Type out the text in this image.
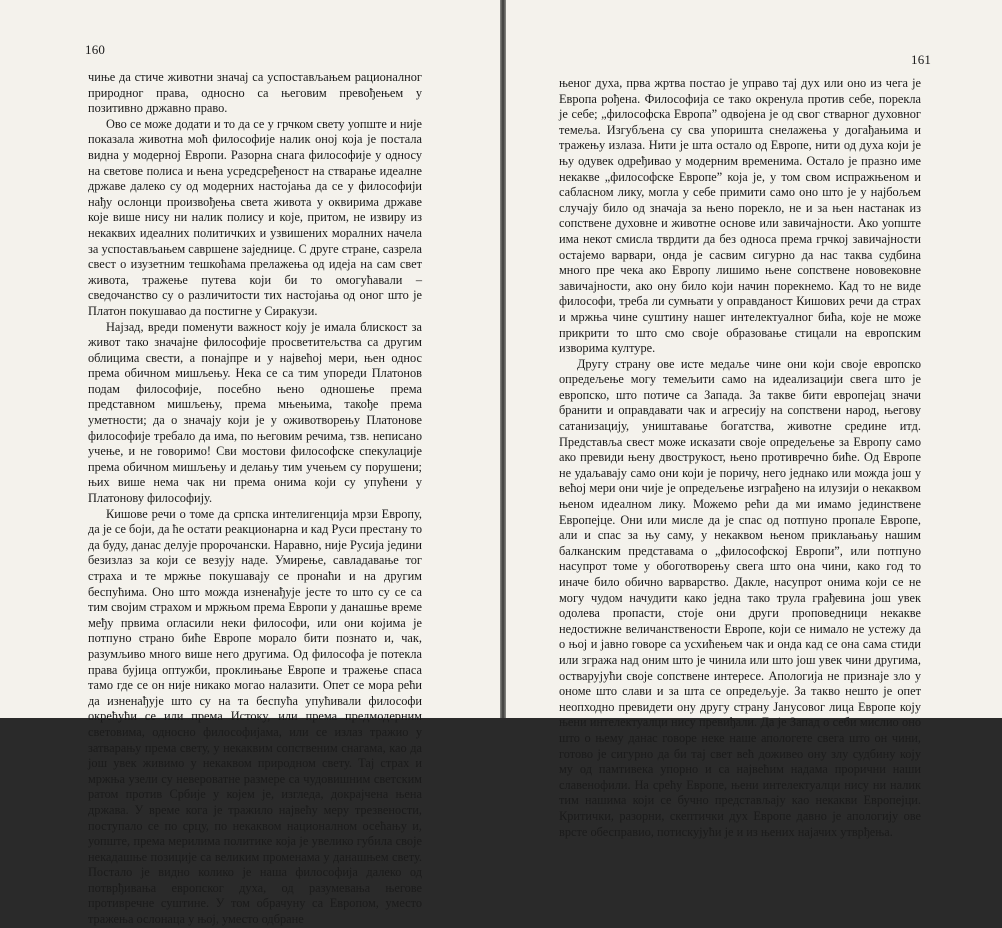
160

чиње да стиче животни значај са успостављањем рационалног природног права, односно са његовим превођењем у позитивно државно право.

Ово се може додати и то да се у грчком свету уопште и није показала животна моћ философије налик оној која је постала видна у модерној Европи. Разорна снага философије у односу на светове полиса и њена усредсређеност на стварање идеалне државе далеко су од модерних настојања да се у философији нађу ослонци произвођења света живота у оквирима државе које више нису ни налик полису и које, притом, не извиру из некаквих идеалних политичких и узвишених моралних начела за успостављањем савршене заједнице. С друге стране, сазрела свест о изузетним тешкоћама прелажења од идеја на сам свет живота, тражење путева који би то омогућавали – сведочанство су о различитости тих настојања од оног што је Платон покушавао да постигне у Сиракузи.

Најзад, вреди поменути важност коју је имала блискост за живот тако значајне философије просветитељства са другим облицима свести, а понајпре и у највећој мери, њен однос према обичном мишљењу. Нека се са тим упореди Платонов подам философије, посебно њено одношење према представном мишљењу, према мњењима, такође према уметности; да о значају који је у оживотворењу Платонове философије требало да има, по његовим речима, тзв. неписано учење, и не говоримо! Сви мостови философске спекулације према обичном мишљењу и делању тим учењем су порушени; њих више нема чак ни према онима који су упућени у Платонову философију.

Кишове речи о томе да српска интелигенција мрзи Европу, да је се боји, да ће остати реакционарна и кад Руси престану то да буду, данас делује пророчански. Наравно, није Русија једини безизлаз за који се везују наде. Умирење, савладавање тог страха и те мржње покушавају се пронаћи и на другим беспућима. Оно што можда изненађује јесте то што су се са тим својим страхом и мржњом према Европи у данашње време међу првима огласили неки философи, или они којима је потпуно страно биће Европе морало бити познато и, чак, разумљиво много више него другима. Од философа је потекла права бујица оптужби, проклињање Европе и тражење спаса тамо где се он није никако могао налазити. Опет се мора рећи да изненађује што су на та беспућа упућивали философи окрећући се или према Истоку, или према предмодерним световима, односно философијама, или се излаз тражио у затварању према свету, у некаквим сопственим снагама, као да још увек живимо у некаквом природном свету. Тај страх и мржња узели су невероватне размере са чудовишним светским ратом против Србије у којем је, изгледа, докрајчена њена држава. У време кога је тражило највећу меру трезвености, поступало се по срцу, по некаквом националном осећању и, уопште, према мерилима политике која је увелико губила своје некадашње позиције са великим променама у данашњем свету. Постало је видно колико је наша философија далеко од потврђивања европског духа, од разумевања његове противречне суштине. У том обрачуну са Европом, уместо тражења ослонаца у њој, уместо одбране

161

њеног духа, прва жртва постао је управо тај дух или оно из чега је Европа рођена. Философија се тако окренула против себе, порекла је себе; „философска Европа” одвојена је од свог стварног духовног темеља. Изгубљена су сва упоришта снелажења у догађањима и тражењу излаза. Нити је шта остало од Европе, нити од духа који је њу одувек одређивао у модерним временима. Остало је празно име некакве „философске Европе” која је, у том свом испражњеном и сабласном лику, могла у себе примити само оно што је у најбољем случају било од значаја за њено порекло, не и за њен настанак из сопствене духовне и животне основе или завичајности. Ако уопште има некот смисла тврдити да без односа према грчкој завичајности остајемо варвари, онда је сасвим сигурно да нас таква судбина много пре чека ако Европу лишимо њене сопствене нововековне завичајности, ако ону било који начин порекнемо. Кад то не виде философи, треба ли сумњати у оправданост Кишових речи да страх и мржња чине суштину нашег интелектуалног бића, које не може прикрити то што смо своје образовање стицали на европским изворима културе.

Другу страну ове исте медаље чине они који своје европско опредељење могу темељити само на идеализацији свега што је европско, што потиче са Запада. За такве бити европејац значи бранити и оправдавати чак и агресију на сопствени народ, његову сатанизацију, уништавање богатства, животне средине итд. Предстaвља свест може исказати своје опредељење за Европу само ако превиди њену двострукост, њено противречно биће. Од Европе не удаљавају само они који је поричу, него једнако или можда још у већој мери они чије је опредељење изграђено на илузији о некаквом њеном идеалном лику. Можемо рећи да ми имамо јединствене Европејце. Они или мисле да је спас од потпуно пропале Европе, али и спас за њу саму, у некаквом њеном приклањању нашим балканским представама о „философској Европи”, или потпуно насупрот томе у обоготворењу свега што она чини, како год то иначе било обично варварство. Дакле, насупрот онима који се не могу чудом начудити како једна тако трула грађевина још увек одолева пропасти, стоје они други проповедници некакве недостижне величанствености Европе, који се нимало не устежу да о њој и јавно говоре са усхићењем чак и онда кад се она сама стиди или згража над оним што је чинила или што још увек чини другима, остварујући своје сопствене интересе. Апологија не признаје зло у ономе што слави и за шта се опредељује. За такво нешто је опет неопходно превидети ону другу страну Јанусовог лица Европе коју њени интелектуалци нису превиђали. Да је Запад о себи мислио оно што о њему данас говоре неке наше апологете свега што он чини, готово је сигурно да би тај свет већ доживео ону злу судбину коју му од памтивека упорно и са највећим надама прорични наши славенофили. На срећу Европе, њени интелектуалци нису ни налик тим нашима који се бучно представљају као некакви Европејци. Критички, разорни, скептички дух Европе давно је апологију ове врсте обесправио, потискујући је и из њених најачих утврђења.
